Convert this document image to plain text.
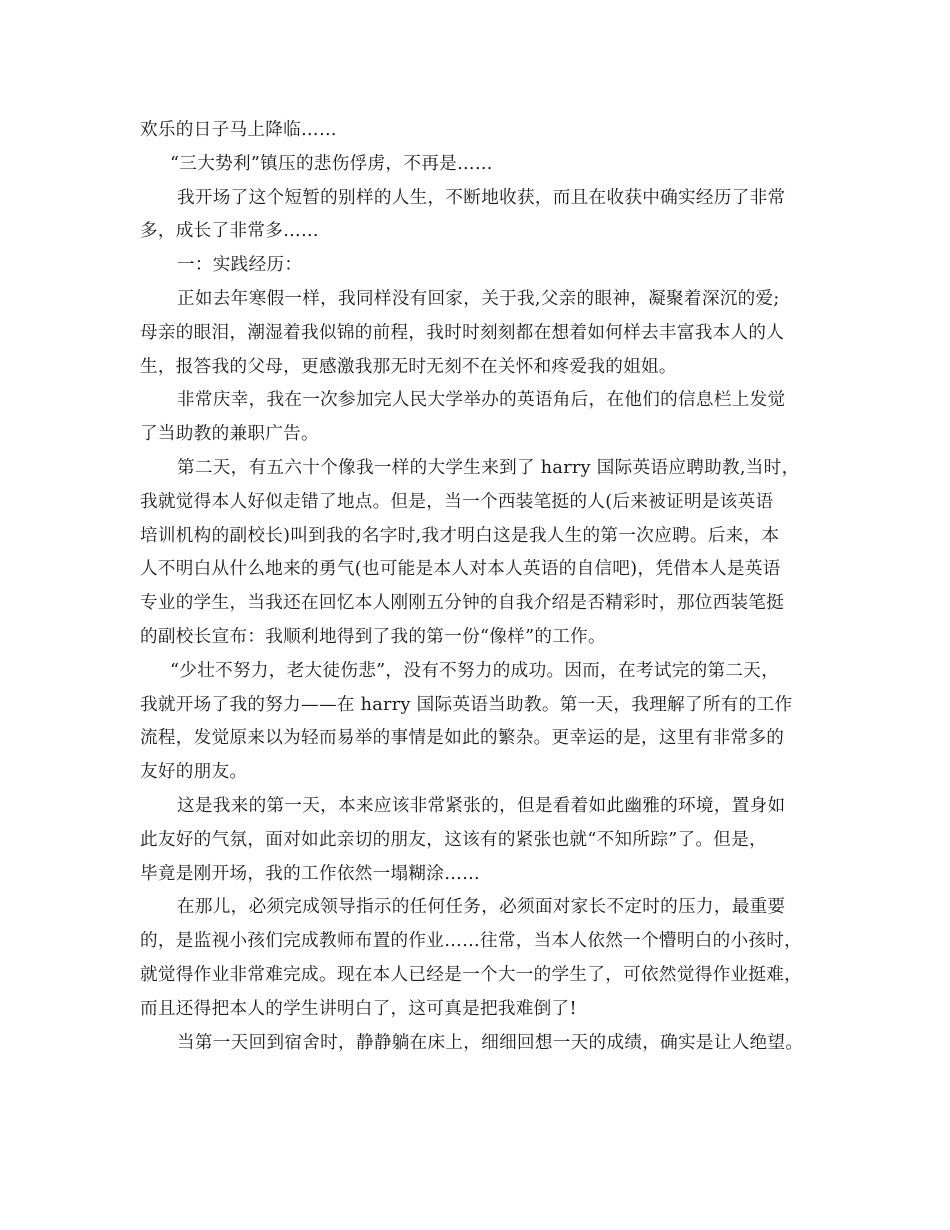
欢乐的日子马上降临……
“三大势利”镇压的悲伤俘虏，不再是……
我开场了这个短暂的别样的人生，不断地收获，而且在收获中确实经历了非常
多，成长了非常多……
一：实践经历：
正如去年寒假一样，我同样没有回家，关于我,父亲的眼神，凝聚着深沉的爱;
母亲的眼泪，潮湿着我似锦的前程，我时时刻刻都在想着如何样去丰富我本人的人
生，报答我的父母，更感激我那无时无刻不在关怀和疼爱我的姐姐。
非常庆幸，我在一次参加完人民大学举办的英语角后，在他们的信息栏上发觉
了当助教的兼职广告。
第二天，有五六十个像我一样的大学生来到了 harry 国际英语应聘助教,当时，
我就觉得本人好似走错了地点。但是，当一个西装笔挺的人(后来被证明是该英语
培训机构的副校长)叫到我的名字时,我才明白这是我人生的第一次应聘。后来，本
人不明白从什么地来的勇气(也可能是本人对本人英语的自信吧)，凭借本人是英语
专业的学生，当我还在回忆本人刚刚五分钟的自我介绍是否精彩时，那位西装笔挺
的副校长宣布：我顺利地得到了我的第一份“像样”的工作。
“少壮不努力，老大徒伤悲”，没有不努力的成功。因而，在考试完的第二天，
我就开场了我的努力——在 harry 国际英语当助教。第一天，我理解了所有的工作
流程，发觉原来以为轻而易举的事情是如此的繁杂。更幸运的是，这里有非常多的
友好的朋友。
这是我来的第一天，本来应该非常紧张的，但是看着如此幽雅的环境，置身如
此友好的气氛，面对如此亲切的朋友，这该有的紧张也就“不知所踪”了。但是，
毕竟是刚开场，我的工作依然一塌糊涂……
在那儿，必须完成领导指示的任何任务，必须面对家长不定时的压力，最重要
的，是监视小孩们完成教师布置的作业……往常，当本人依然一个懵明白的小孩时，
就觉得作业非常难完成。现在本人已经是一个大一的学生了，可依然觉得作业挺难，
而且还得把本人的学生讲明白了，这可真是把我难倒了!
当第一天回到宿舍时，静静躺在床上，细细回想一天的成绩，确实是让人绝望。
